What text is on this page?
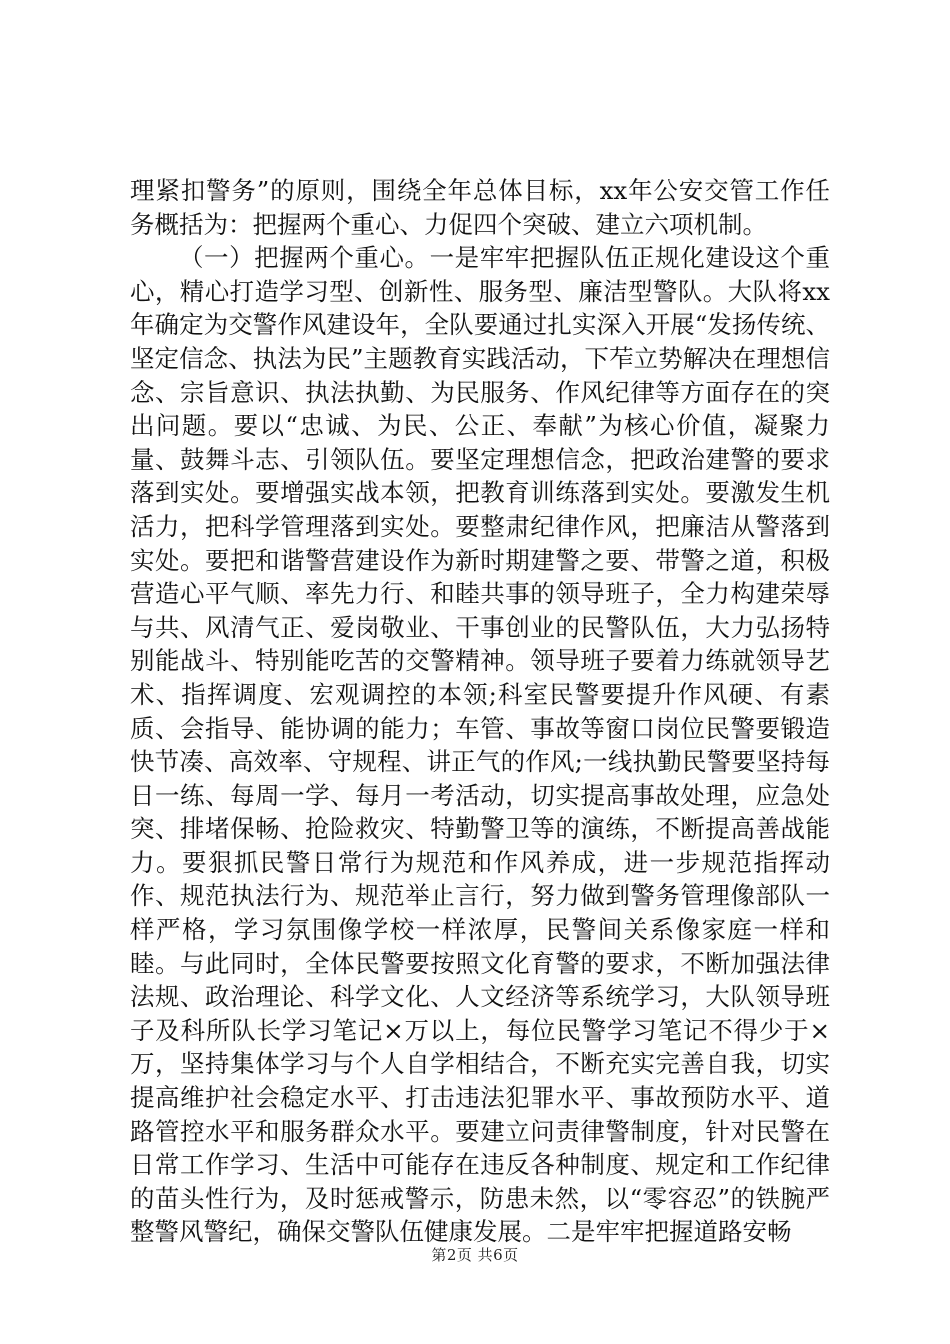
理紧扣警务”的原则，围绕全年总体目标，xx年公安交管工作任务概括为：把握两个重心、力促四个突破、建立六项机制。

（一）把握两个重心。一是牢牢把握队伍正规化建设这个重心，精心打造学习型、创新性、服务型、廉洁型警队。大队将xx年确定为交警作风建设年，全队要通过扎实深入开展“发扬传统、坚定信念、执法为民”主题教育实践活动，下苲立势解决在理想信念、宗旨意识、执法执勤、为民服务、作风纪律等方面存在的突出问题。要以“忠诚、为民、公正、奉献”为核心价值，凝聚力量、鼓舞斗志、引领队伍。要坚定理想信念，把政治建警的要求落到实处。要增强实战本领，把教育训练落到实处。要激发生机活力，把科学管理落到实处。要整肃纪律作风，把廉洁从警落到实处。要把和谐警营建设作为新时期建警之要、带警之道，积极营造心平气顺、率先力行、和睦共事的领导班子，全力构建荣辱与共、风清气正、爱岗敬业、干事创业的民警队伍，大力弘扬特别能战斗、特别能吃苦的交警精神。领导班子要着力练就领导艺术、指挥调度、宏观调控的本领;科室民警要提升作风硬、有素质、会指导、能协调的能力；车管、事故等窗口岗位民警要锻造快节凑、高效率、守规程、讲正气的作风;一线执勤民警要坚持每日一练、每周一学、每月一考活动，切实提高事故处理，应急处突、排堵保畅、抢险救灾、特勤警卫等的演练，不断提高善战能力。要狠抓民警日常行为规范和作风养成，进一步规范指挥动作、规范执法行为、规范举止言行，努力做到警务管理像部队一样严格，学习氛围像学校一样浓厚，民警间关系像家庭一样和睦。与此同时，全体民警要按照文化育警的要求，不断加强法律法规、政治理论、科学文化、人文经济等系统学习，大队领导班子及科所队长学习笔记×万以上，每位民警学习笔记不得少于×万，坚持集体学习与个人自学相结合，不断充实完善自我，切实提高维护社会稳定水平、打击违法犯罪水平、事故预防水平、道路管控水平和服务群众水平。要建立问责律警制度，针对民警在日常工作学习、生活中可能存在违反各种制度、规定和工作纪律的苗头性行为，及时惩戒警示，防患未然，以“零容忍”的铁腕严整警风警纪，确保交警队伍健康发展。二是牢牢把握道路安畅

第2页 共6页
